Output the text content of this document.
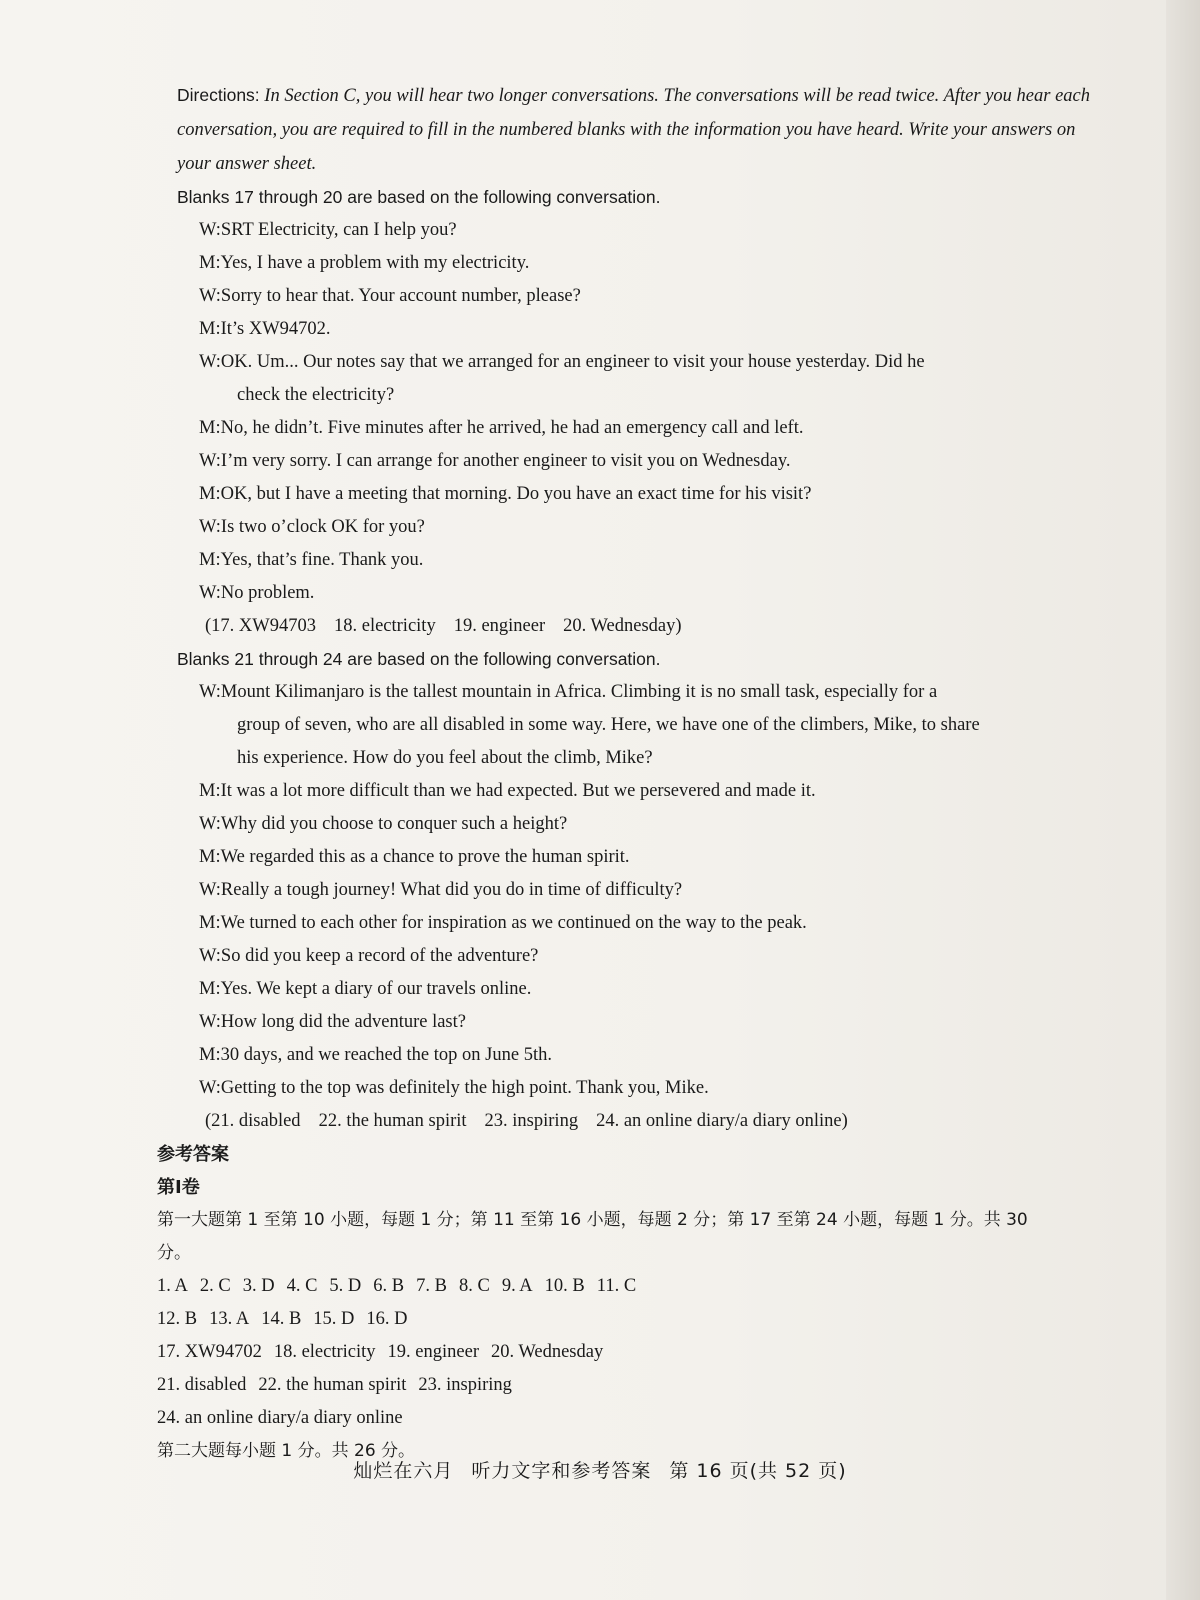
Directions: In Section C, you will hear two longer conversations. The conversations will be read twice. After you hear each conversation, you are required to fill in the numbered blanks with the information you have heard. Write your answers on your answer sheet.
Blanks 17 through 20 are based on the following conversation.
W: SRT Electricity, can I help you?
M: Yes, I have a problem with my electricity.
W: Sorry to hear that. Your account number, please?
M: It’s XW94702.
W: OK. Um... Our notes say that we arranged for an engineer to visit your house yesterday. Did he
check the electricity?
M: No, he didn’t. Five minutes after he arrived, he had an emergency call and left.
W: I’m very sorry. I can arrange for another engineer to visit you on Wednesday.
M: OK, but I have a meeting that morning. Do you have an exact time for his visit?
W: Is two o’clock OK for you?
M: Yes, that’s fine. Thank you.
W: No problem.
(17. XW94703 18. electricity 19. engineer 20. Wednesday)
Blanks 21 through 24 are based on the following conversation.
W: Mount Kilimanjaro is the tallest mountain in Africa. Climbing it is no small task, especially for a
group of seven, who are all disabled in some way. Here, we have one of the climbers, Mike, to share
his experience. How do you feel about the climb, Mike?
M: It was a lot more difficult than we had expected. But we persevered and made it.
W: Why did you choose to conquer such a height?
M: We regarded this as a chance to prove the human spirit.
W: Really a tough journey! What did you do in time of difficulty?
M: We turned to each other for inspiration as we continued on the way to the peak.
W: So did you keep a record of the adventure?
M: Yes. We kept a diary of our travels online.
W: How long did the adventure last?
M: 30 days, and we reached the top on June 5th.
W: Getting to the top was definitely the high point. Thank you, Mike.
(21. disabled 22. the human spirit 23. inspiring 24. an online diary/a diary online)
参考答案
第Ⅰ卷
第一大题第 1 至第 10 小题，每题 1 分；第 11 至第 16 小题，每题 2 分；第 17 至第 24 小题，每题 1 分。共 30
分。
1. A 2. C 3. D 4. C 5. D 6. B 7. B 8. C 9. A 10. B 11. C
12. B 13. A 14. B 15. D 16. D
17. XW94702 18. electricity 19. engineer 20. Wednesday
21. disabled 22. the human spirit 23. inspiring
24. an online diary/a diary online
第二大题每小题 1 分。共 26 分。
灿烂在六月 听力文字和参考答案 第 16 页(共 52 页)
